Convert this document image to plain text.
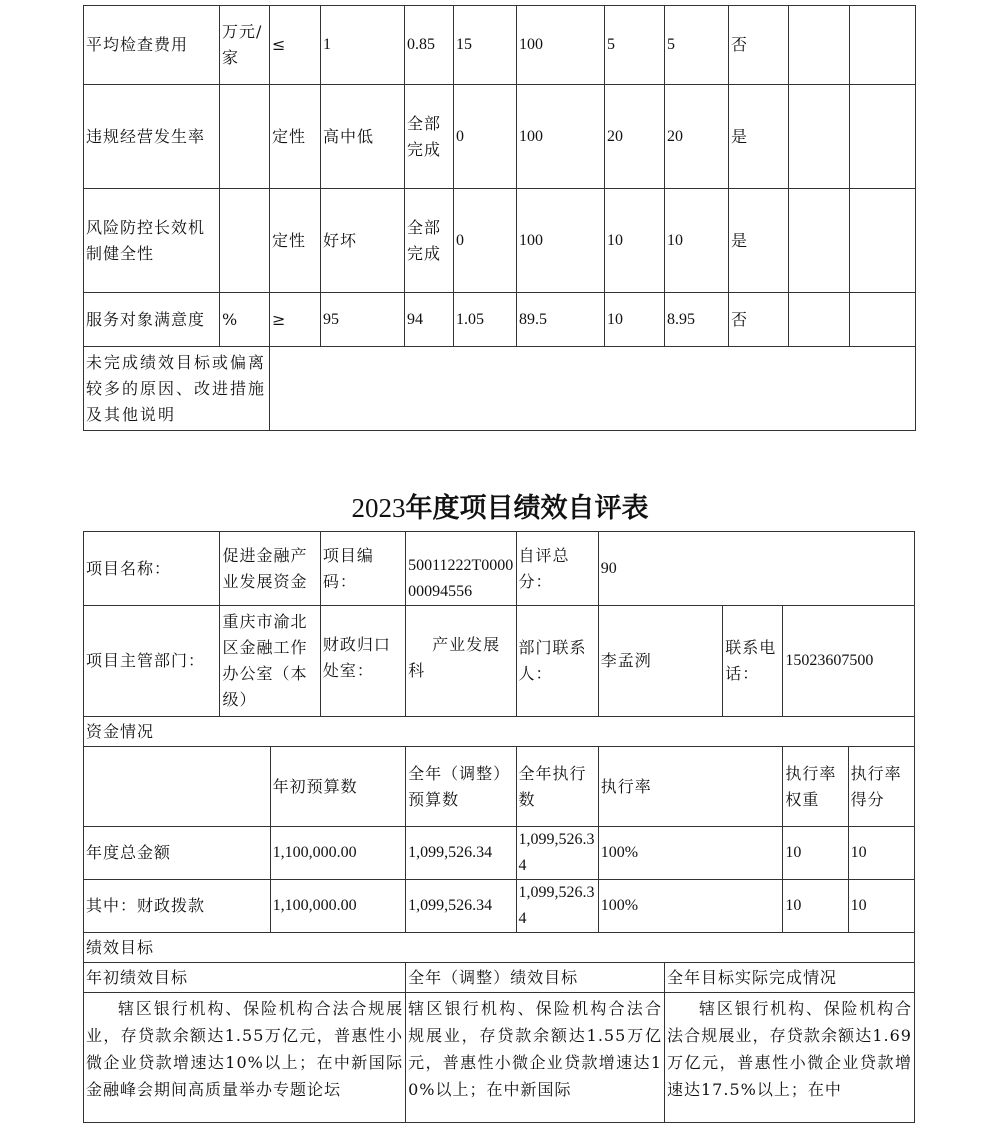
平均检查费用	万元/家	≤	1	0.85	15	100	5	5	否		
违规经营发生率		定性	高中低	全部完成	0	100	20	20	是		
风险防控长效机制健全性		定性	好坏	全部完成	0	100	10	10	是		
服务对象满意度	%	≥	95	94	1.05	89.5	10	8.95	否		
未完成绩效目标或偏离较多的原因、改进措施及其他说明											
2023年度项目绩效自评表
项目名称：	促进金融产业发展资金		项目编码：	50011222T000000094556	自评总分：	90				
项目主管部门：	重庆市渝北区金融工作办公室（本级）		财政归口处室：	产业发展科	部门联系人：	李孟洌		联系电话：	15023607500	
资金情况										
		年初预算数		全年（调整）预算数	全年执行数	执行率			执行率权重	执行率得分
年度总金额		1,100,000.00		1,099,526.34	1,099,526.34	100%			10	10
其中：财政拨款		1,100,000.00		1,099,526.34	1,099,526.34	100%			10	10
绩效目标										
年初绩效目标				全年（调整）绩效目标			全年目标实际完成情况			
辖区银行机构、保险机构合法合规展业，存贷款余额达1.55万亿元，普惠性小微企业贷款增速达10%以上；在中新国际金融峰会期间高质量举办专题论坛				辖区银行机构、保险机构合法合规展业，存贷款余额达1.55万亿元，普惠性小微企业贷款增速达10%以上；在中新国际			辖区银行机构、保险机构合法合规展业，存贷款余额达1.69万亿元，普惠性小微企业贷款增速达17.5%以上；在中			
